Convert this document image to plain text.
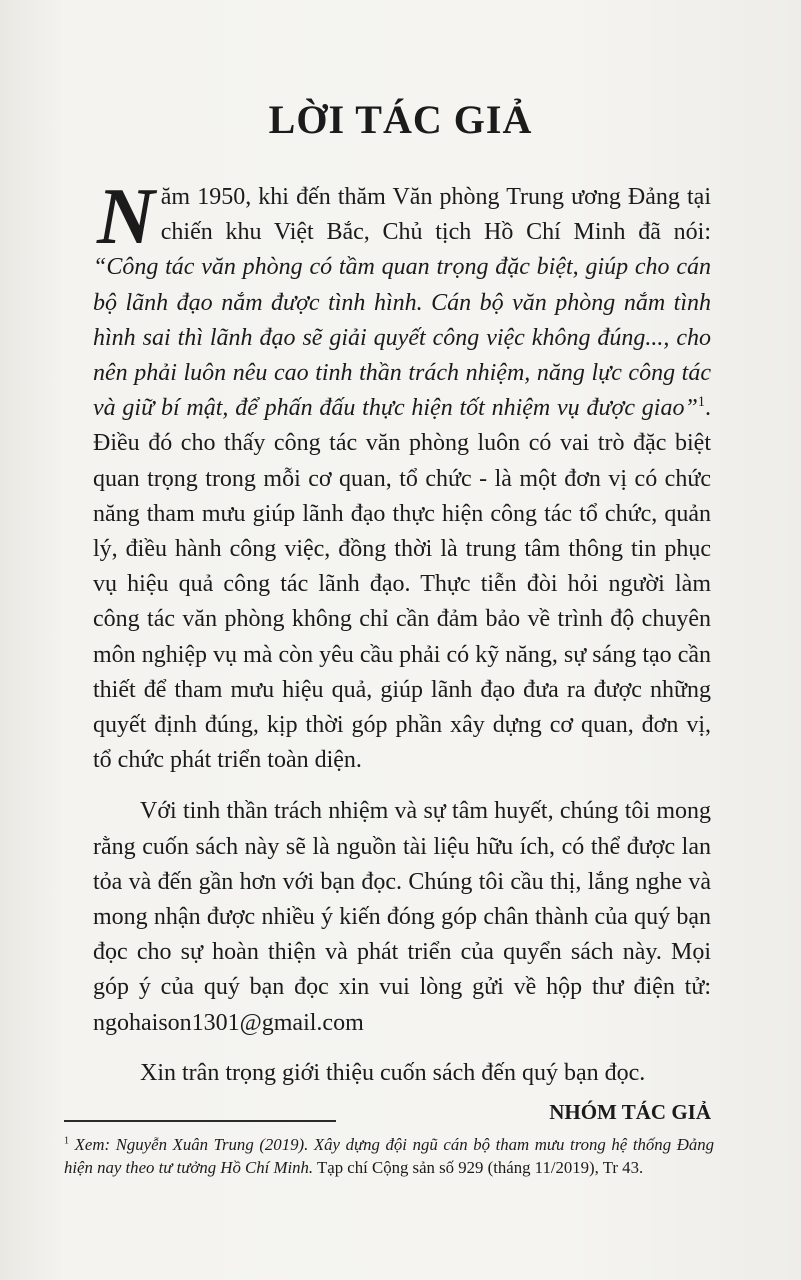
LỜI TÁC GIẢ

Năm 1950, khi đến thăm Văn phòng Trung ương Đảng tại chiến khu Việt Bắc, Chủ tịch Hồ Chí Minh đã nói: “Công tác văn phòng có tầm quan trọng đặc biệt, giúp cho cán bộ lãnh đạo nắm được tình hình. Cán bộ văn phòng nắm tình hình sai thì lãnh đạo sẽ giải quyết công việc không đúng..., cho nên phải luôn nêu cao tinh thần trách nhiệm, năng lực công tác và giữ bí mật, để phấn đấu thực hiện tốt nhiệm vụ được giao”$^1$. Điều đó cho thấy công tác văn phòng luôn có vai trò đặc biệt quan trọng trong mỗi cơ quan, tổ chức - là một đơn vị có chức năng tham mưu giúp lãnh đạo thực hiện công tác tổ chức, quản lý, điều hành công việc, đồng thời là trung tâm thông tin phục vụ hiệu quả công tác lãnh đạo. Thực tiễn đòi hỏi người làm công tác văn phòng không chỉ cần đảm bảo về trình độ chuyên môn nghiệp vụ mà còn yêu cầu phải có kỹ năng, sự sáng tạo cần thiết để tham mưu hiệu quả, giúp lãnh đạo đưa ra được những quyết định đúng, kịp thời góp phần xây dựng cơ quan, đơn vị, tổ chức phát triển toàn diện.

Với tinh thần trách nhiệm và sự tâm huyết, chúng tôi mong rằng cuốn sách này sẽ là nguồn tài liệu hữu ích, có thể được lan tỏa và đến gần hơn với bạn đọc. Chúng tôi cầu thị, lắng nghe và mong nhận được nhiều ý kiến đóng góp chân thành của quý bạn đọc cho sự hoàn thiện và phát triển của quyển sách này. Mọi góp ý của quý bạn đọc xin vui lòng gửi về hộp thư điện tử: ngohaison1301@gmail.com

Xin trân trọng giới thiệu cuốn sách đến quý bạn đọc.

NHÓM TÁC GIẢ

$^1$ Xem: Nguyễn Xuân Trung (2019). Xây dựng đội ngũ cán bộ tham mưu trong hệ thống Đảng hiện nay theo tư tưởng Hồ Chí Minh. Tạp chí Cộng sản số 929 (tháng 11/2019), Tr 43.
